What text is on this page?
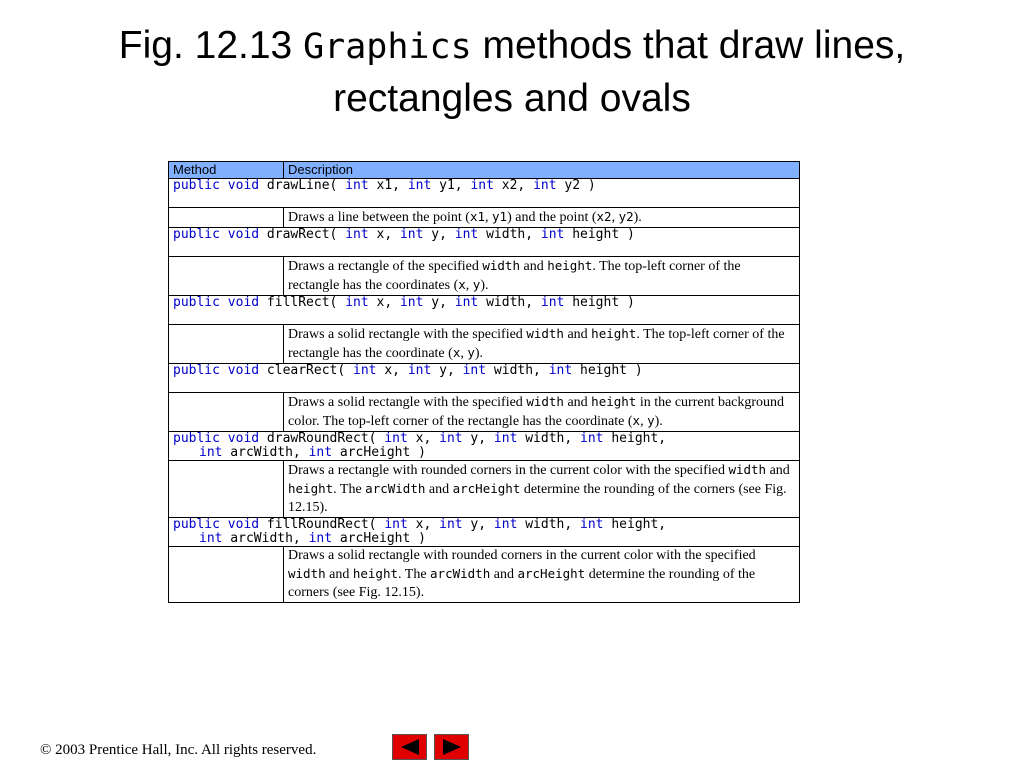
Fig. 12.13 Graphics methods that draw lines,
rectangles and ovals
Method	Description
public void drawLine( int x1, int y1, int x2, int y2 )	

	Draws a line between the point (x1, y1) and the point (x2, y2).
public void drawRect( int x, int y, int width, int height )	

	Draws a rectangle of the specified width and height. The top-left corner of the rectangle has the coordinates (x, y).
public void fillRect( int x, int y, int width, int height )	

	Draws a solid rectangle with the specified width and height. The top-left corner of the rectangle has the coordinate (x, y).
public void clearRect( int x, int y, int width, int height )	

	Draws a solid rectangle with the specified width and height in the current background color. The top-left corner of the rectangle has the coordinate (x, y).
public void drawRoundRect( int x, int y, int width, int height,
int arcWidth, int arcHeight )	
	Draws a rectangle with rounded corners in the current color with the specified width and height. The arcWidth and arcHeight determine the rounding of the corners (see Fig. 12.15).
public void fillRoundRect( int x, int y, int width, int height,
int arcWidth, int arcHeight )	
	Draws a solid rectangle with rounded corners in the current color with the specified width and height. The arcWidth and arcHeight determine the rounding of the corners (see Fig. 12.15).
© 2003 Prentice Hall, Inc. All rights reserved.
